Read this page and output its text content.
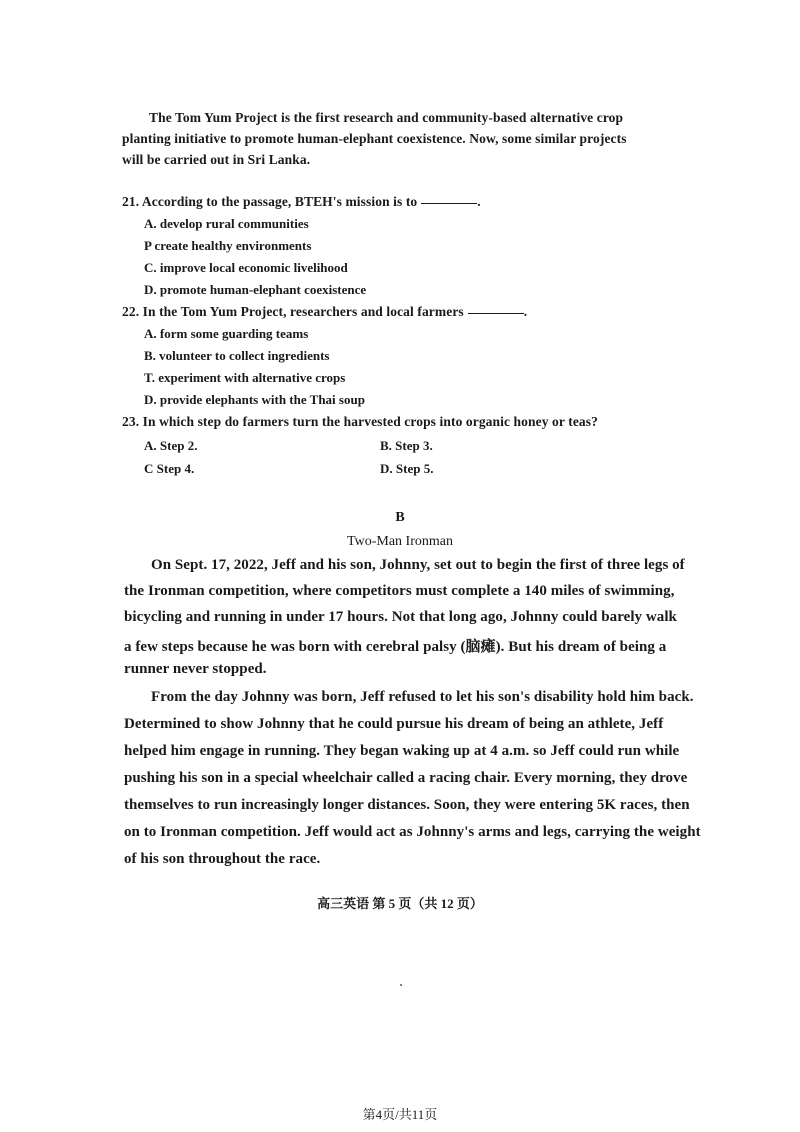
The Tom Yum Project is the first research and community-based alternative crop
planting initiative to promote human-elephant coexistence. Now, some similar projects
will be carried out in Sri Lanka.
21. According to the passage, BTEH's mission is to	.
A. develop rural communities
P create healthy environments
C. improve local economic livelihood
D. promote human-elephant coexistence
22. In the Tom Yum Project, researchers and local farmers	.
A. form some guarding teams
B. volunteer to collect ingredients
T. experiment with alternative crops
D. provide elephants with the Thai soup
23. In which step do farmers turn the harvested crops into organic honey or teas?
A. Step 2.	B. Step 3.
C Step 4.	D. Step 5.
B
Two-Man Ironman
On Sept. 17, 2022, Jeff and his son, Johnny, set out to begin the first of three legs of
the Ironman competition, where competitors must complete a 140 miles of swimming,
bicycling and running in under 17 hours. Not that long ago, Johnny could barely walk
a few steps because he was born with cerebral palsy (脑瘫). But his dream of being a
runner never stopped.
From the day Johnny was born, Jeff refused to let his son's disability hold him back.
Determined to show Johnny that he could pursue his dream of being an athlete, Jeff
helped him engage in running. They began waking up at 4 a.m. so Jeff could run while
pushing his son in a special wheelchair called a racing chair. Every morning, they drove
themselves to run increasingly longer distances. Soon, they were entering 5K races, then
on to Ironman competition. Jeff would act as Johnny's arms and legs, carrying the weight
of his son throughout the race.
高三英语 第 5 页（共 12 页）
第4页/共11页
